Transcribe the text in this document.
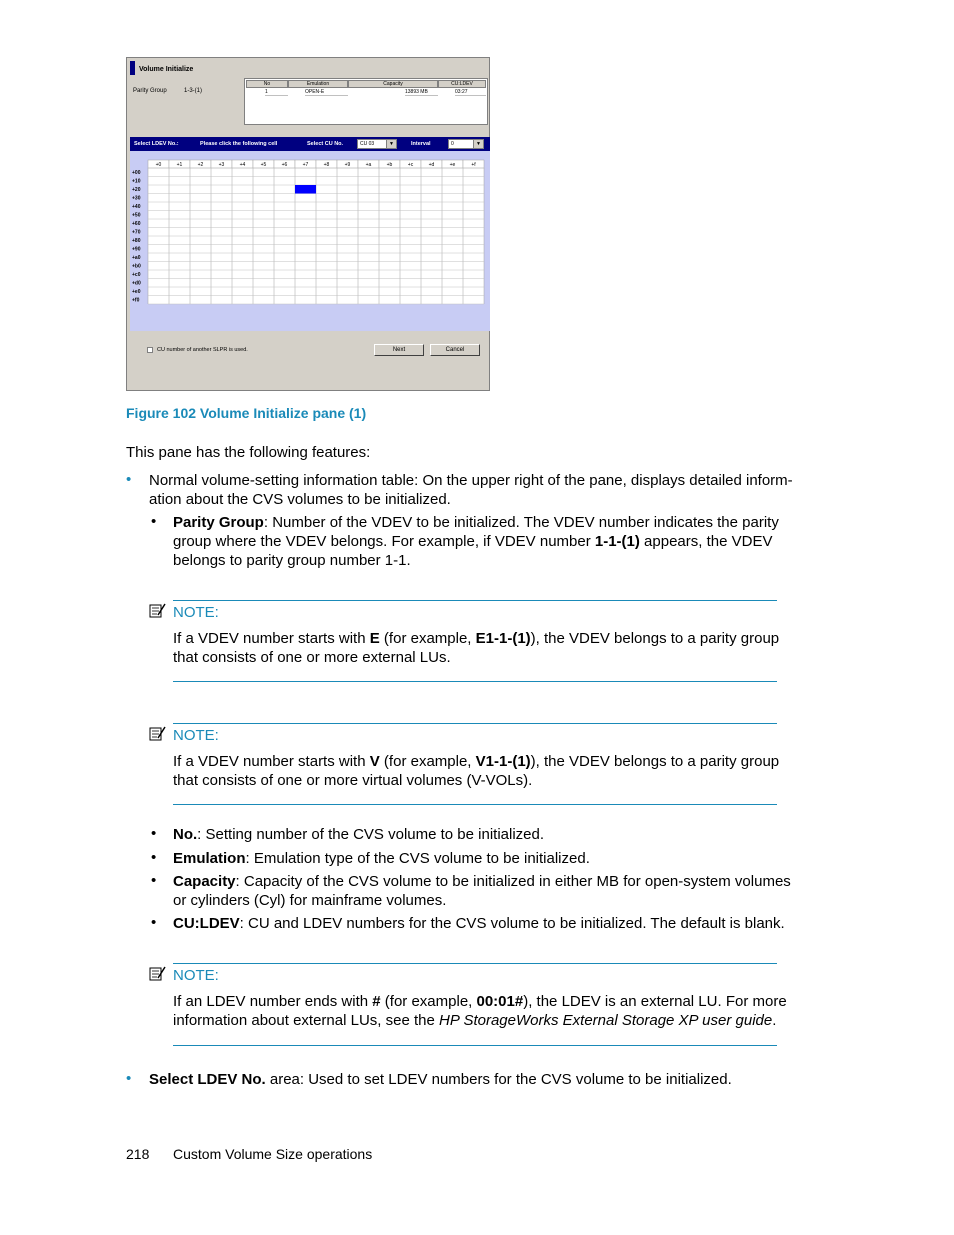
Volume Initialize
Parity Group	1-3-(1)
No	Emulation	Capacity	CU:LDEV
1	OPEN-E	13893 MB	03:27
Select LDEV No.:	Please click the following cell	Select CU No.	CU 03	▼	Interval	0	▼
+0	+1	+2	+3	+4	+5	+6	+7	+8	+9	+a	+b	+c	+d	+e	+f
+00
+10
+20
+30
+40
+50
+60
+70
+80
+90
+a0
+b0
+c0
+d0
+e0
+f0
CU number of another SLPR is used.	Next	Cancel
Figure 102 Volume Initialize pane (1)
This pane has the following features:
• Normal volume-setting information table: On the upper right of the pane, displays detailed inform-
ation about the CVS volumes to be initialized.
• Parity Group: Number of the VDEV to be initialized. The VDEV number indicates the parity
group where the VDEV belongs. For example, if VDEV number 1-1-(1) appears, the VDEV
belongs to parity group number 1-1.
NOTE:
If a VDEV number starts with E (for example, E1-1-(1)), the VDEV belongs to a parity group
that consists of one or more external LUs.
NOTE:
If a VDEV number starts with V (for example, V1-1-(1)), the VDEV belongs to a parity group
that consists of one or more virtual volumes (V-VOLs).
• No.: Setting number of the CVS volume to be initialized.
• Emulation: Emulation type of the CVS volume to be initialized.
• Capacity: Capacity of the CVS volume to be initialized in either MB for open-system volumes
or cylinders (Cyl) for mainframe volumes.
• CU:LDEV: CU and LDEV numbers for the CVS volume to be initialized. The default is blank.
NOTE:
If an LDEV number ends with # (for example, 00:01#), the LDEV is an external LU. For more
information about external LUs, see the HP StorageWorks External Storage XP user guide.
• Select LDEV No. area: Used to set LDEV numbers for the CVS volume to be initialized.
218 Custom Volume Size operations
